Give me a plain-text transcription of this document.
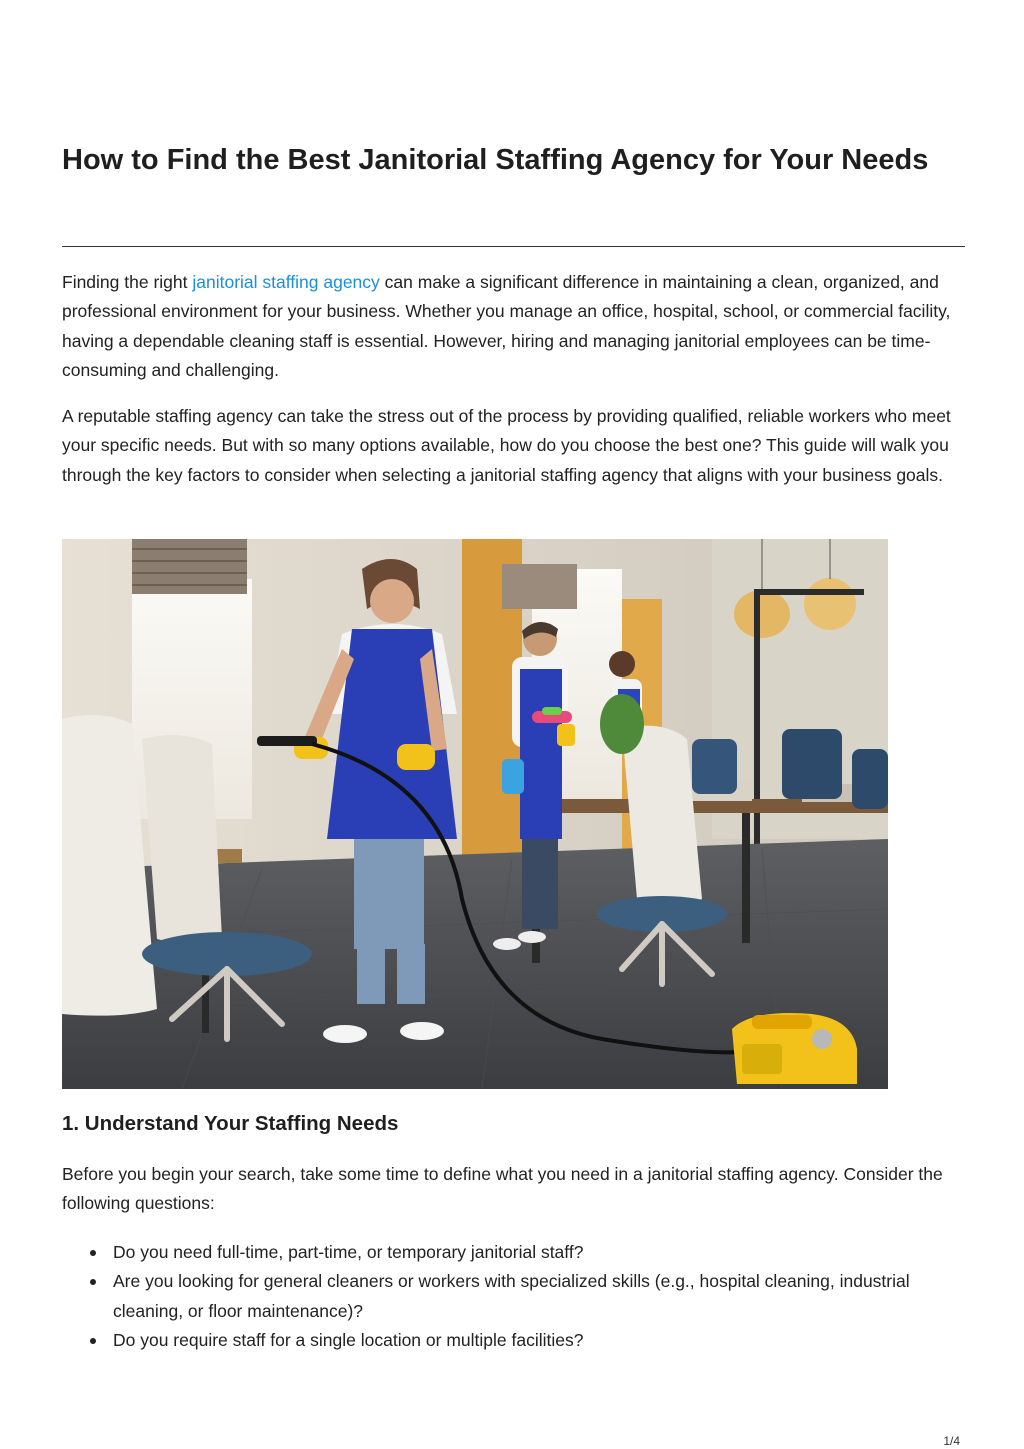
How to Find the Best Janitorial Staffing Agency for Your Needs

Finding the right janitorial staffing agency can make a significant difference in maintaining a clean, organized, and professional environment for your business. Whether you manage an office, hospital, school, or commercial facility, having a dependable cleaning staff is essential. However, hiring and managing janitorial employees can be time-consuming and challenging.

A reputable staffing agency can take the stress out of the process by providing qualified, reliable workers who meet your specific needs. But with so many options available, how do you choose the best one? This guide will walk you through the key factors to consider when selecting a janitorial staffing agency that aligns with your business goals.

1. Understand Your Staffing Needs

Before you begin your search, take some time to define what you need in a janitorial staffing agency. Consider the following questions:

Do you need full-time, part-time, or temporary janitorial staff?
Are you looking for general cleaners or workers with specialized skills (e.g., hospital cleaning, industrial cleaning, or floor maintenance)?
Do you require staff for a single location or multiple facilities?
1/4
